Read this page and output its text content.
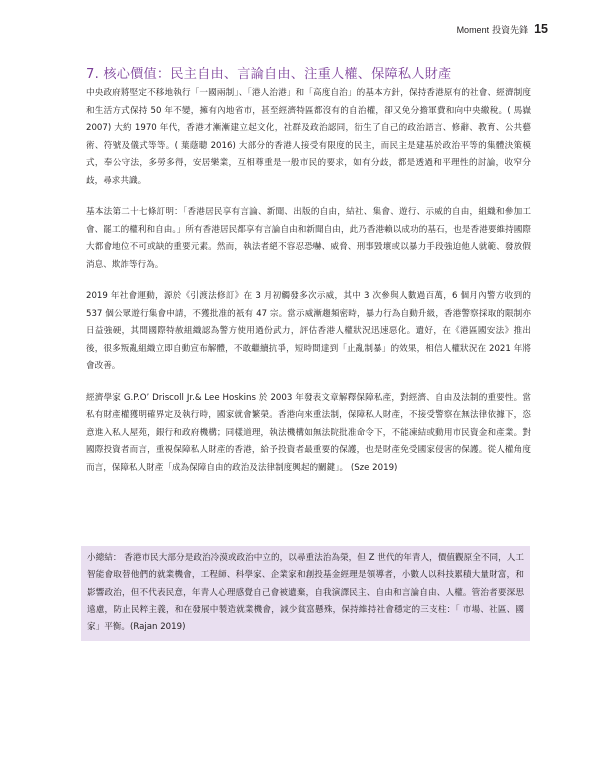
Moment 投資先鋒 15
7. 核心價值：民主自由、言論自由、注重人權、保障私人財產

中央政府將堅定不移地執行「一國兩制」、「港人治港」和「高度自治」的基本方針，保持香港原有的社會、經濟制度和生活方式保持 50 年不變，擁有內地省市，甚至經濟特區都沒有的自治權，卻又免分擔軍費和向中央繳稅。( 馬嶽 2007) 大約 1970 年代，香港才漸漸建立起文化，社群及政治認同，衍生了自己的政治語言、修辭、教育、公共藝術、符號及儀式等等。( 葉蔭聰 2016) 大部分的香港人接受有限度的民主，而民主是建基於政治平等的集體決策模式，奉公守法，多勞多得，安居樂業，互相尊重是一般市民的要求，如有分歧，都是透過和平理性的討論，收窄分歧，尋求共識。

基本法第二十七條訂明：「香港居民享有言論、新聞、出版的自由，結社、集會、遊行、示威的自由，組織和參加工會、罷工的權利和自由。」所有香港居民都享有言論自由和新聞自由，此乃香港賴以成功的基石，也是香港要維持國際大都會地位不可或缺的重要元素。然而，執法者絕不容忍恐嚇、威脅、刑事毀壞或以暴力手段強迫他人就範、發放假消息、欺詐等行為。

2019 年社會運動，源於《引渡法修訂》在 3 月初觸發多次示威，其中 3 次參與人數過百萬，6 個月內警方收到的 537 個公眾遊行集會申請，不獲批准的祇有 47 宗。當示威漸趨頻密時，暴力行為自動升級，香港警察採取的限制亦日益強硬，其間國際特赦組織認為警方使用過份武力，評估香港人權狀況迅速惡化。遺好，在《港區國安法》推出後，很多叛亂組織立即自動宣布解體，不敢繼續抗爭，短時間達到「止亂制暴」的效果，相信人權狀況在 2021 年將會改善。

經濟學家 G.P.O’ Driscoll Jr.& Lee Hoskins 於 2003 年發表文章解釋保障私產，對經濟、自由及法制的重要性。當私有財產權獲明確界定及執行時，國家就會繁榮。香港向來重法制，保障私人財產，不接受警察在無法律依據下，恣意進入私人屋苑，銀行和政府機構；同樣道理，執法機構如無法院批准命令下，不能凍結或動用市民資金和產業。對國際投資者而言，重視保障私人財產的香港，給予投資者最重要的保護，也是財產免受國家侵害的保護。從人權角度而言，保障私人財產「成為保障自由的政治及法律制度興起的關鍵」。 (Sze 2019)

小總結： 香港市民大部分是政治冷漠或政治中立的，以尋重法治為榮，但 Z 世代的年青人，價值觀原全不同，人工智能會取替他們的就業機會，工程師、科學家、企業家和創投基金經理是領導者，小數人以科技累積大量財富，和影響政治，但不代表民意，年青人心理感覺自己會被遺棄，自我演譯民主、自由和言論自由、人權。管治者要深思遠慮，防止民粹主義，和在發展中製造就業機會，減少貧富懸殊，保持維持社會穩定的三支柱：「 市場、社區、國家」平衡。(Rajan 2019)
